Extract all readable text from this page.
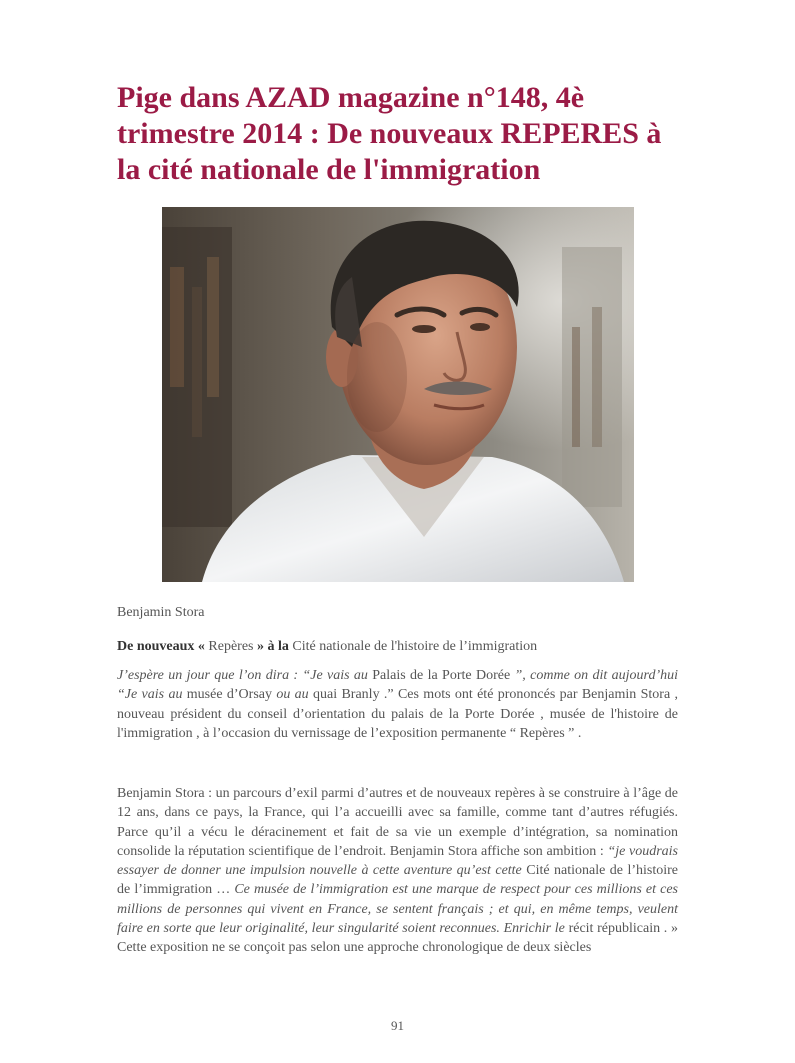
Pige dans AZAD magazine n°148, 4è trimestre 2014 : De nouveaux REPERES à la cité nationale de l'immigration

Benjamin Stora

De nouveaux « Repères » à la Cité nationale de l'histoire de l’immigration

J’espère un jour que l’on dira : “Je vais au Palais de la Porte Dorée ”, comme on dit aujourd’hui “Je vais au musée d’Orsay ou au quai Branly .” Ces mots ont été prononcés par Benjamin Stora , nouveau président du conseil d’orientation du palais de la Porte Dorée , musée de l'histoire de l'immigration , à l’occasion du vernissage de l’exposition permanente “ Repères ” .

Benjamin Stora : un parcours d’exil parmi d’autres et de nouveaux repères à se construire à l’âge de 12 ans, dans ce pays, la France, qui l’a accueilli avec sa famille, comme tant d’autres réfugiés. Parce qu’il a vécu le déracinement et fait de sa vie un exemple d’intégration, sa nomination consolide la réputation scientifique de l’endroit. Benjamin Stora affiche son ambition : “je voudrais essayer de donner une impulsion nouvelle à cette aventure qu’est cette Cité nationale de l’histoire de l’immigration … Ce musée de l’immigration est une marque de respect pour ces millions et ces millions de personnes qui vivent en France, se sentent français ; et qui, en même temps, veulent faire en sorte que leur originalité, leur singularité soient reconnues. Enrichir le récit républicain . » Cette exposition ne se conçoit pas selon une approche chronologique de deux siècles

91
